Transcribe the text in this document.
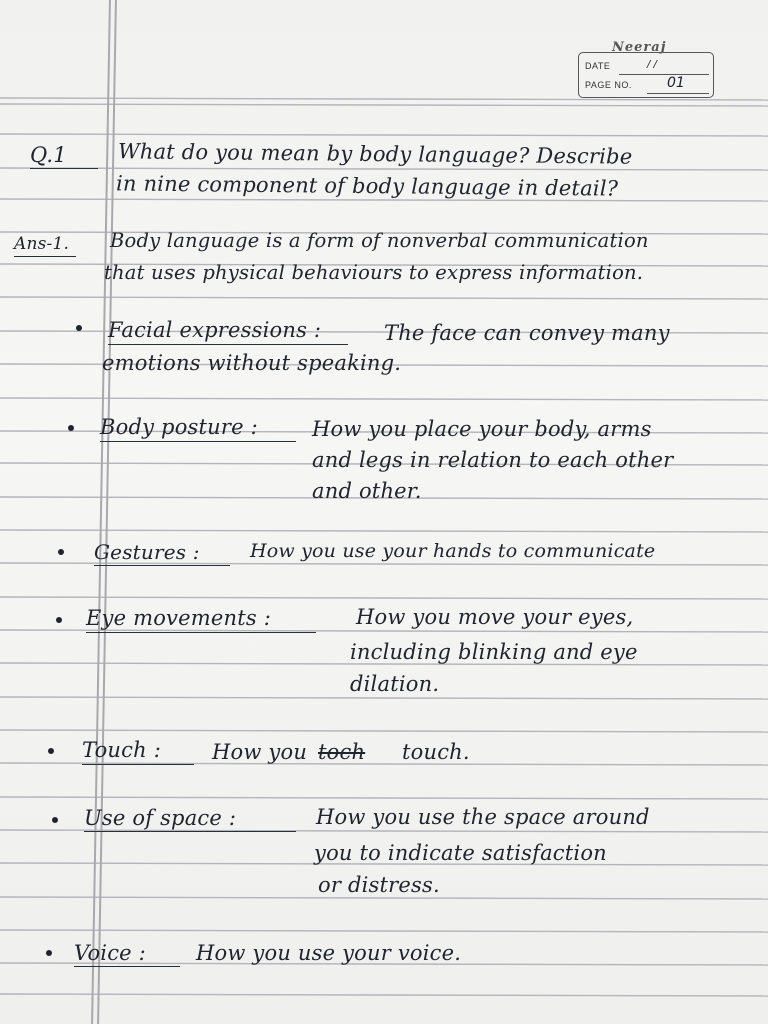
Neeraj
DATE	/ /
PAGE NO.	01
Q.1 What do you mean by body language? Describe
in nine component of body language in detail?
Ans-1. Body language is a form of nonverbal communication
that uses physical behaviours to express information.
Facial expressions :	The face can convey many
emotions without speaking.
Body posture :	How you place your body, arms
and legs in relation to each other
and other.
Gestures :	How you use your hands to communicate
Eye movements :	How you move your eyes,
including blinking and eye
dilation.
Touch : How you toch touch.
Use of space :	How you use the space around
you to indicate satisfaction
or distress.
Voice : How you use your voice.
